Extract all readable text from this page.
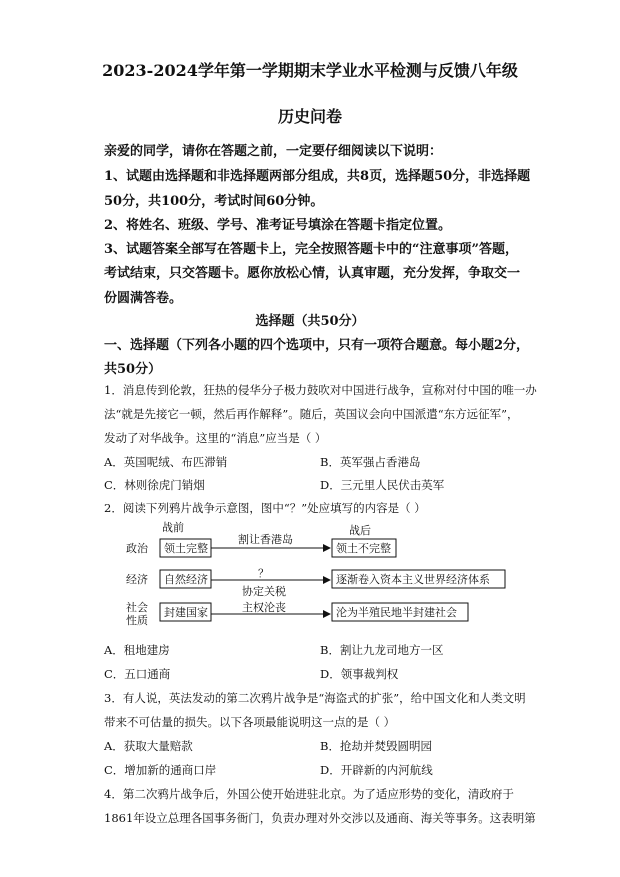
2023-2024学年第一学期期末学业水平检测与反馈八年级
历史问卷
亲爱的同学，请你在答题之前，一定要仔细阅读以下说明：
1、试题由选择题和非选择题两部分组成，共8页，选择题50分，非选择题
50分，共100分，考试时间60分钟。
2、将姓名、班级、学号、准考证号填涂在答题卡指定位置。
3、试题答案全部写在答题卡上，完全按照答题卡中的“注意事项”答题，
考试结束，只交答题卡。愿你放松心情，认真审题，充分发挥，争取交一
份圆满答卷。
选择题（共50分）
一、选择题（下列各小题的四个选项中，只有一项符合题意。每小题2分，
共50分）
1．消息传到伦敦，狂热的侵华分子极力鼓吹对中国进行战争，宣称对付中国的唯一办
法“就是先接它一顿，然后再作解释”。随后，英国议会向中国派遣“东方远征军”，
发动了对华战争。这里的“消息”应当是（ ）
A．英国呢绒、布匹滞销	B．英军强占香港岛
C．林则徐虎门销烟	D．三元里人民伏击英军
2．阅读下列鸦片战争示意图，图中“？”处应填写的内容是（ ）
战前	战后
政治 领土完整
割让香港岛
领土不完整
经济 自然经济	？
协定关税
逐渐卷入资本主义世界经济体系
社会
性质
封建国家	主权沦丧	沦为半殖民地半封建社会
A．租地建房	B．割让九龙司地方一区
C．五口通商	D．领事裁判权
3．有人说，英法发动的第二次鸦片战争是“海盗式的扩张”，给中国文化和人类文明
带来不可估量的损失。以下各项最能说明这一点的是（ ）
A．获取大量赔款	B．抢劫并焚毁圆明园
C．增加新的通商口岸	D．开辟新的内河航线
4．第二次鸦片战争后，外国公使开始进驻北京。为了适应形势的变化，清政府于
1861年设立总理各国事务衙门，负责办理对外交涉以及通商、海关等事务。这表明第
